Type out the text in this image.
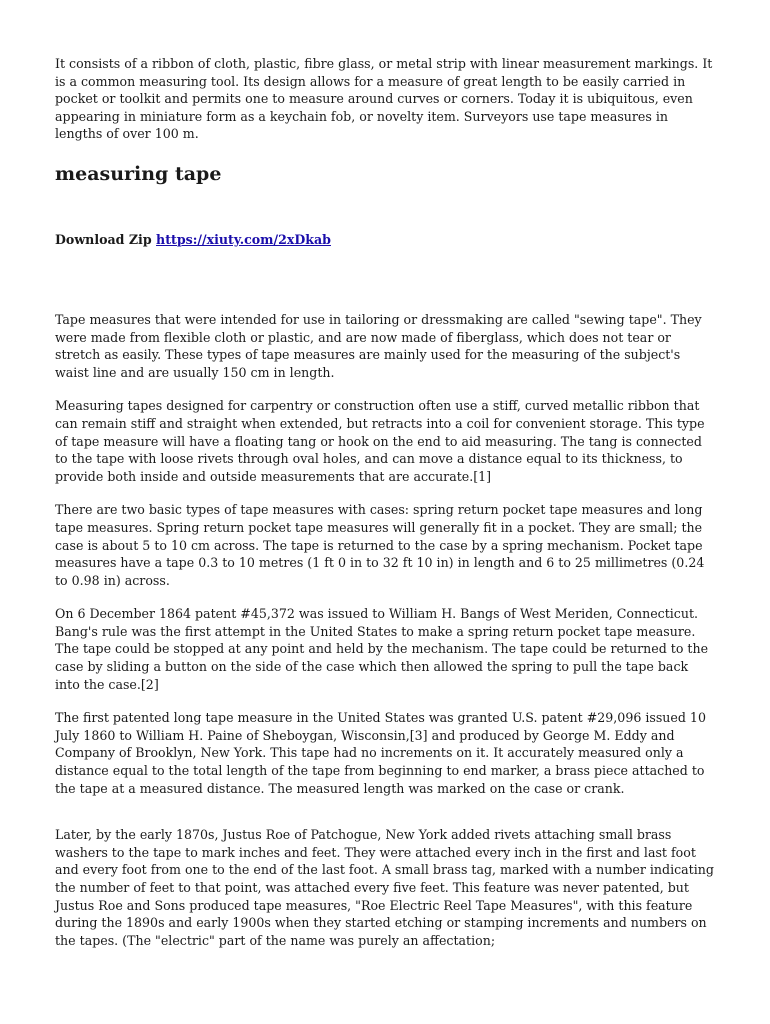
It consists of a ribbon of cloth, plastic, fibre glass, or metal strip with linear measurement markings. It is a common measuring tool. Its design allows for a measure of great length to be easily carried in pocket or toolkit and permits one to measure around curves or corners. Today it is ubiquitous, even appearing in miniature form as a keychain fob, or novelty item. Surveyors use tape measures in lengths of over 100 m.

measuring tape
Download Zip https://xiuty.com/2xDkab

Tape measures that were intended for use in tailoring or dressmaking are called "sewing tape". They were made from flexible cloth or plastic, and are now made of fiberglass, which does not tear or stretch as easily. These types of tape measures are mainly used for the measuring of the subject's waist line and are usually 150 cm in length.

Measuring tapes designed for carpentry or construction often use a stiff, curved metallic ribbon that can remain stiff and straight when extended, but retracts into a coil for convenient storage. This type of tape measure will have a floating tang or hook on the end to aid measuring. The tang is connected to the tape with loose rivets through oval holes, and can move a distance equal to its thickness, to provide both inside and outside measurements that are accurate.[1]

There are two basic types of tape measures with cases: spring return pocket tape measures and long tape measures. Spring return pocket tape measures will generally fit in a pocket. They are small; the case is about 5 to 10 cm across. The tape is returned to the case by a spring mechanism. Pocket tape measures have a tape 0.3 to 10 metres (1 ft 0 in to 32 ft 10 in) in length and 6 to 25 millimetres (0.24 to 0.98 in) across.

On 6 December 1864 patent #45,372 was issued to William H. Bangs of West Meriden, Connecticut. Bang's rule was the first attempt in the United States to make a spring return pocket tape measure. The tape could be stopped at any point and held by the mechanism. The tape could be returned to the case by sliding a button on the side of the case which then allowed the spring to pull the tape back into the case.[2]

The first patented long tape measure in the United States was granted U.S. patent #29,096 issued 10 July 1860 to William H. Paine of Sheboygan, Wisconsin,[3] and produced by George M. Eddy and Company of Brooklyn, New York. This tape had no increments on it. It accurately measured only a distance equal to the total length of the tape from beginning to end marker, a brass piece attached to the tape at a measured distance. The measured length was marked on the case or crank.

Later, by the early 1870s, Justus Roe of Patchogue, New York added rivets attaching small brass washers to the tape to mark inches and feet. They were attached every inch in the first and last foot and every foot from one to the end of the last foot. A small brass tag, marked with a number indicating the number of feet to that point, was attached every five feet. This feature was never patented, but Justus Roe and Sons produced tape measures, "Roe Electric Reel Tape Measures", with this feature during the 1890s and early 1900s when they started etching or stamping increments and numbers on the tapes. (The "electric" part of the name was purely an affectation;
